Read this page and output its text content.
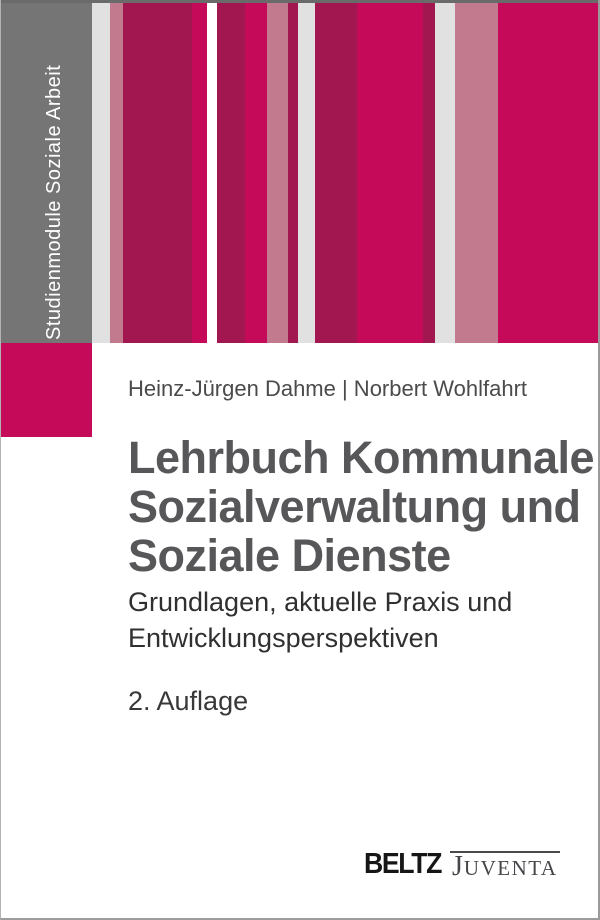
Studienmodule Soziale Arbeit
Heinz-Jürgen Dahme | Norbert Wohlfahrt
Lehrbuch Kommunale
Sozialverwaltung und
Soziale Dienste
Grundlagen, aktuelle Praxis und
Entwicklungsperspektiven
2. Auflage
BELTZ JUVENTA
